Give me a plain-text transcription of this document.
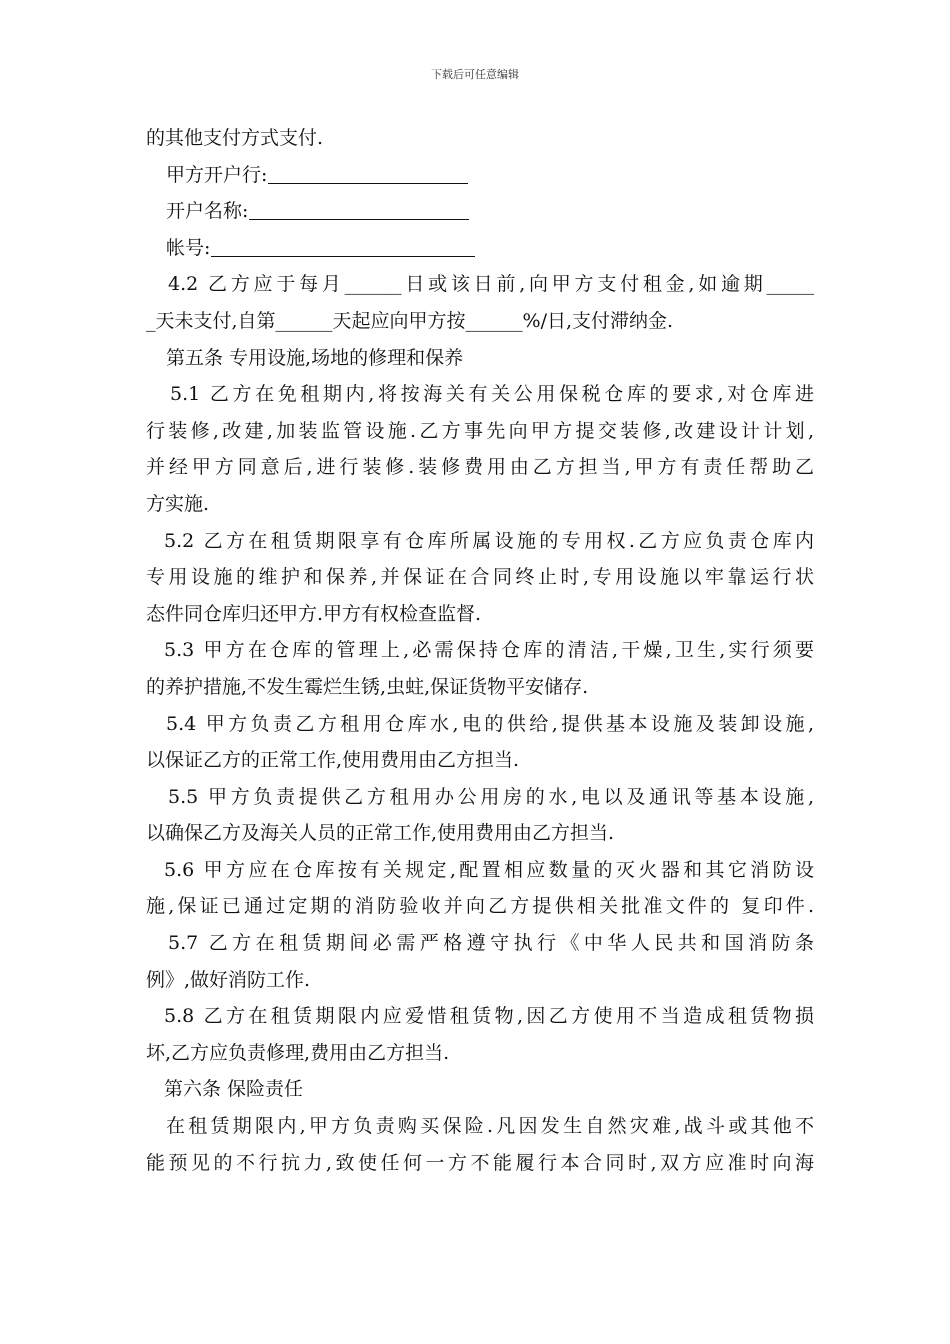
下载后可任意编辑
的其他支付方式支付.
甲方开户行:
开户名称:
帐号:
4.2 乙方应于每月______日或该日前,向甲方支付租金,如逾期_____
_天未支付,自第______天起应向甲方按______%/日,支付滞纳金.
第五条 专用设施,场地的修理和保养
5.1 乙方在免租期内,将按海关有关公用保税仓库的要求,对仓库进
行装修,改建,加装监管设施.乙方事先向甲方提交装修,改建设计计划,
并经甲方同意后,进行装修.装修费用由乙方担当,甲方有责任帮助乙
方实施.
5.2 乙方在租赁期限享有仓库所属设施的专用权.乙方应负责仓库内
专用设施的维护和保养,并保证在合同终止时,专用设施以牢靠运行状
态件同仓库归还甲方.甲方有权检查监督.
5.3 甲方在仓库的管理上,必需保持仓库的清洁,干燥,卫生,实行须要
的养护措施,不发生霉烂生锈,虫蛀,保证货物平安储存.
5.4 甲方负责乙方租用仓库水,电的供给,提供基本设施及装卸设施,
以保证乙方的正常工作,使用费用由乙方担当.
5.5 甲方负责提供乙方租用办公用房的水,电以及通讯等基本设施,
以确保乙方及海关人员的正常工作,使用费用由乙方担当.
5.6 甲方应在仓库按有关规定,配置相应数量的灭火器和其它消防设
施,保证已通过定期的消防验收并向乙方提供相关批准文件的 复印件.
5.7 乙方在租赁期间必需严格遵守执行《中华人民共和国消防条
例》,做好消防工作.
5.8 乙方在租赁期限内应爱惜租赁物,因乙方使用不当造成租赁物损
坏,乙方应负责修理,费用由乙方担当.
第六条 保险责任
在租赁期限内,甲方负责购买保险.凡因发生自然灾难,战斗或其他不
能预见的不行抗力,致使任何一方不能履行本合同时,双方应准时向海
